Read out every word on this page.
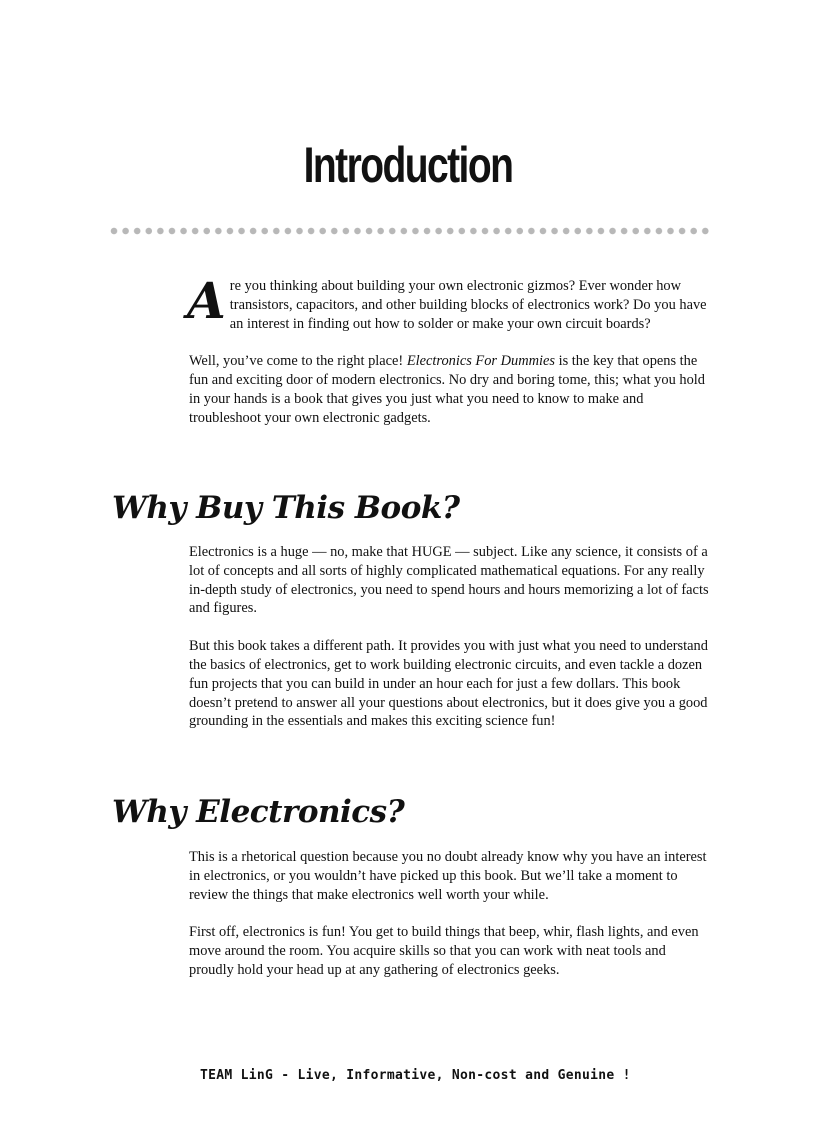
Introduction

Are you thinking about building your own electronic gizmos? Ever wonder how transistors, capacitors, and other building blocks of electronics work? Do you have an interest in finding out how to solder or make your own circuit boards?

Well, you’ve come to the right place! Electronics For Dummies is the key that opens the fun and exciting door of modern electronics. No dry and boring tome, this; what you hold in your hands is a book that gives you just what you need to know to make and troubleshoot your own electronic gadgets.

Why Buy This Book?

Electronics is a huge — no, make that HUGE — subject. Like any science, it consists of a lot of concepts and all sorts of highly complicated mathematical equations. For any really in-depth study of electronics, you need to spend hours and hours memorizing a lot of facts and figures.

But this book takes a different path. It provides you with just what you need to understand the basics of electronics, get to work building electronic circuits, and even tackle a dozen fun projects that you can build in under an hour each for just a few dollars. This book doesn’t pretend to answer all your questions about electronics, but it does give you a good grounding in the essentials and makes this exciting science fun!

Why Electronics?

This is a rhetorical question because you no doubt already know why you have an interest in electronics, or you wouldn’t have picked up this book. But we’ll take a moment to review the things that make electronics well worth your while.

First off, electronics is fun! You get to build things that beep, whir, flash lights, and even move around the room. You acquire skills so that you can work with neat tools and proudly hold your head up at any gathering of electronics geeks.

TEAM LinG - Live, Informative, Non-cost and Genuine !
